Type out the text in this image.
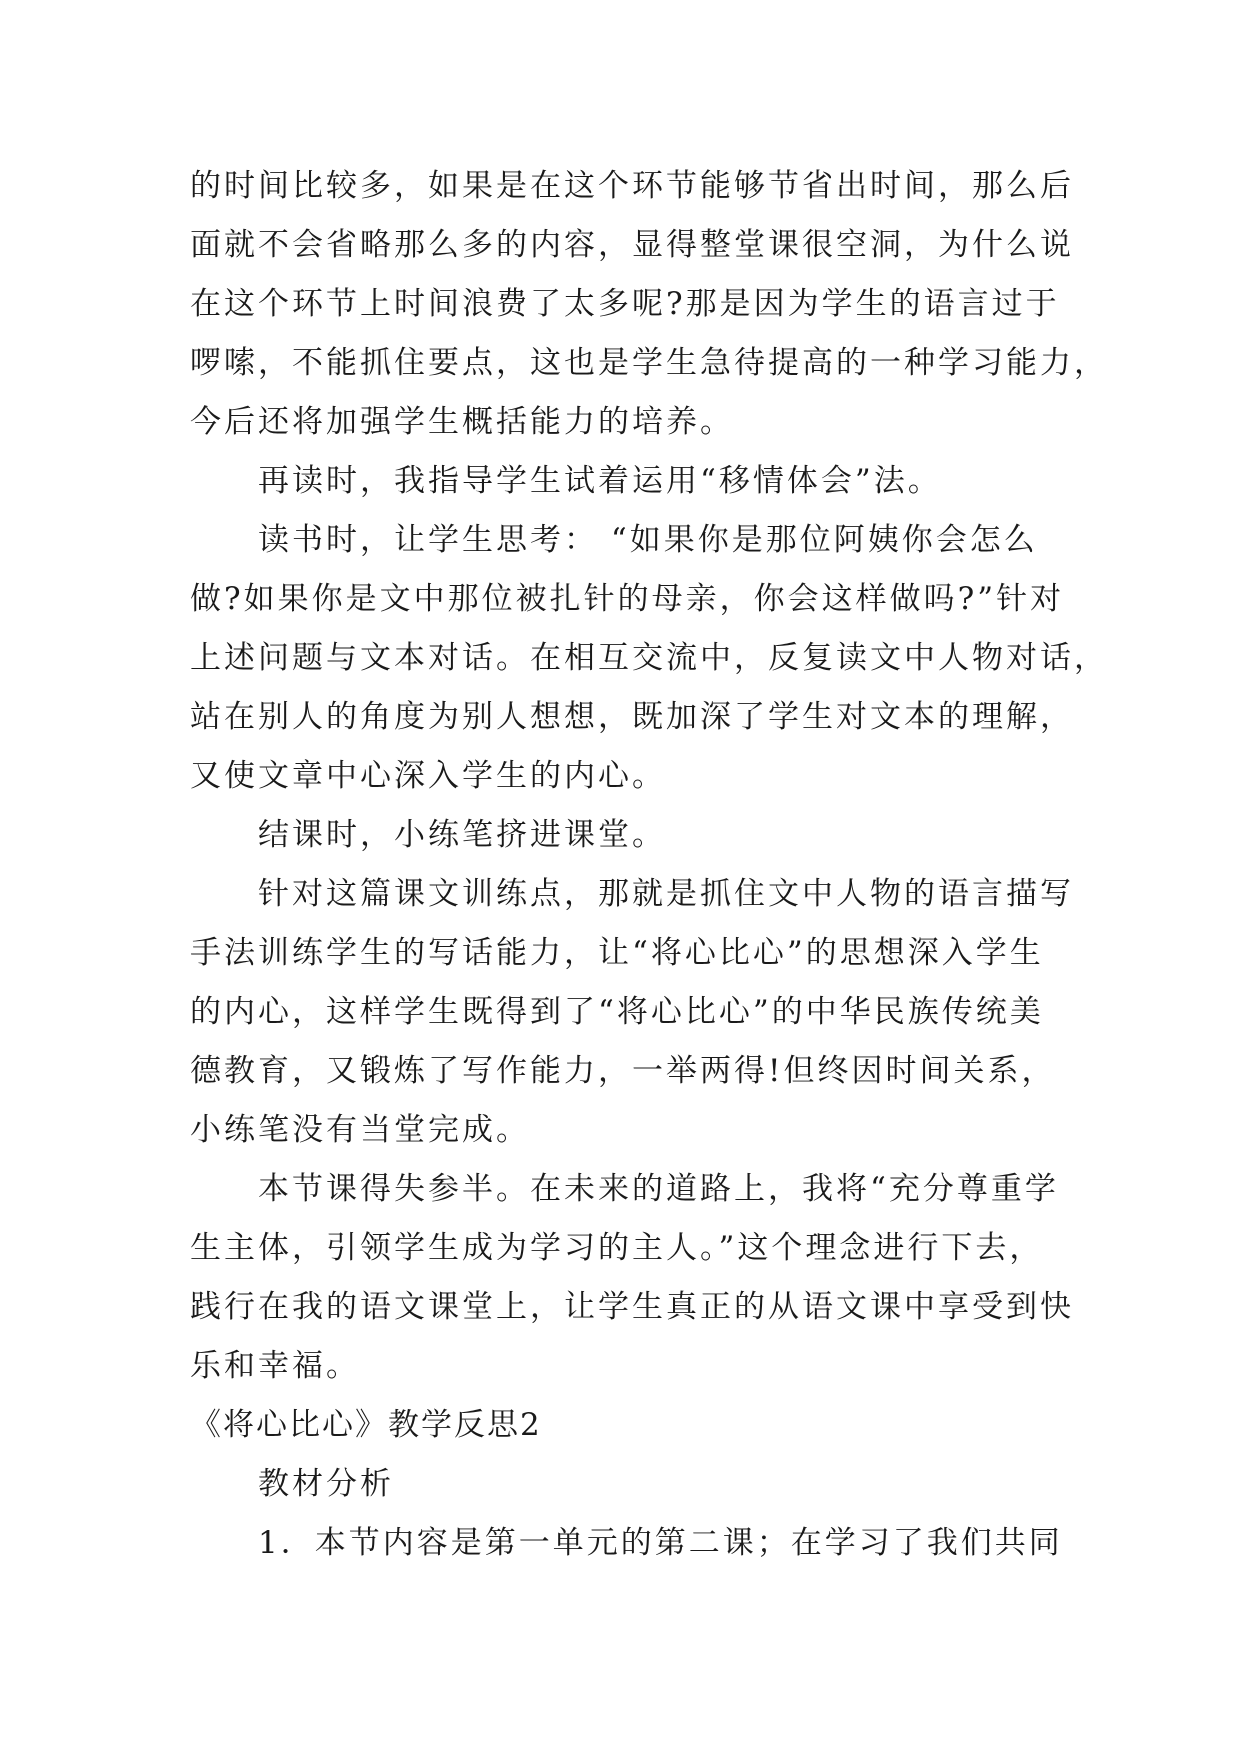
的时间比较多，如果是在这个环节能够节省出时间，那么后
面就不会省略那么多的内容，显得整堂课很空洞，为什么说
在这个环节上时间浪费了太多呢?那是因为学生的语言过于
啰嗦，不能抓住要点，这也是学生急待提高的一种学习能力，
今后还将加强学生概括能力的培养。
再读时，我指导学生试着运用“移情体会”法。
读书时，让学生思考： “如果你是那位阿姨你会怎么
做?如果你是文中那位被扎针的母亲，你会这样做吗?”针对
上述问题与文本对话。在相互交流中，反复读文中人物对话，
站在别人的角度为别人想想，既加深了学生对文本的理解，
又使文章中心深入学生的内心。
结课时，小练笔挤进课堂。
针对这篇课文训练点，那就是抓住文中人物的语言描写
手法训练学生的写话能力，让“将心比心”的思想深入学生
的内心，这样学生既得到了“将心比心”的中华民族传统美
德教育，又锻炼了写作能力，一举两得!但终因时间关系，
小练笔没有当堂完成。
本节课得失参半。在未来的道路上，我将“充分尊重学
生主体，引领学生成为学习的主人。”这个理念进行下去，
践行在我的语文课堂上，让学生真正的从语文课中享受到快
乐和幸福。
《将心比心》教学反思2
教材分析
1．本节内容是第一单元的第二课；在学习了我们共同
